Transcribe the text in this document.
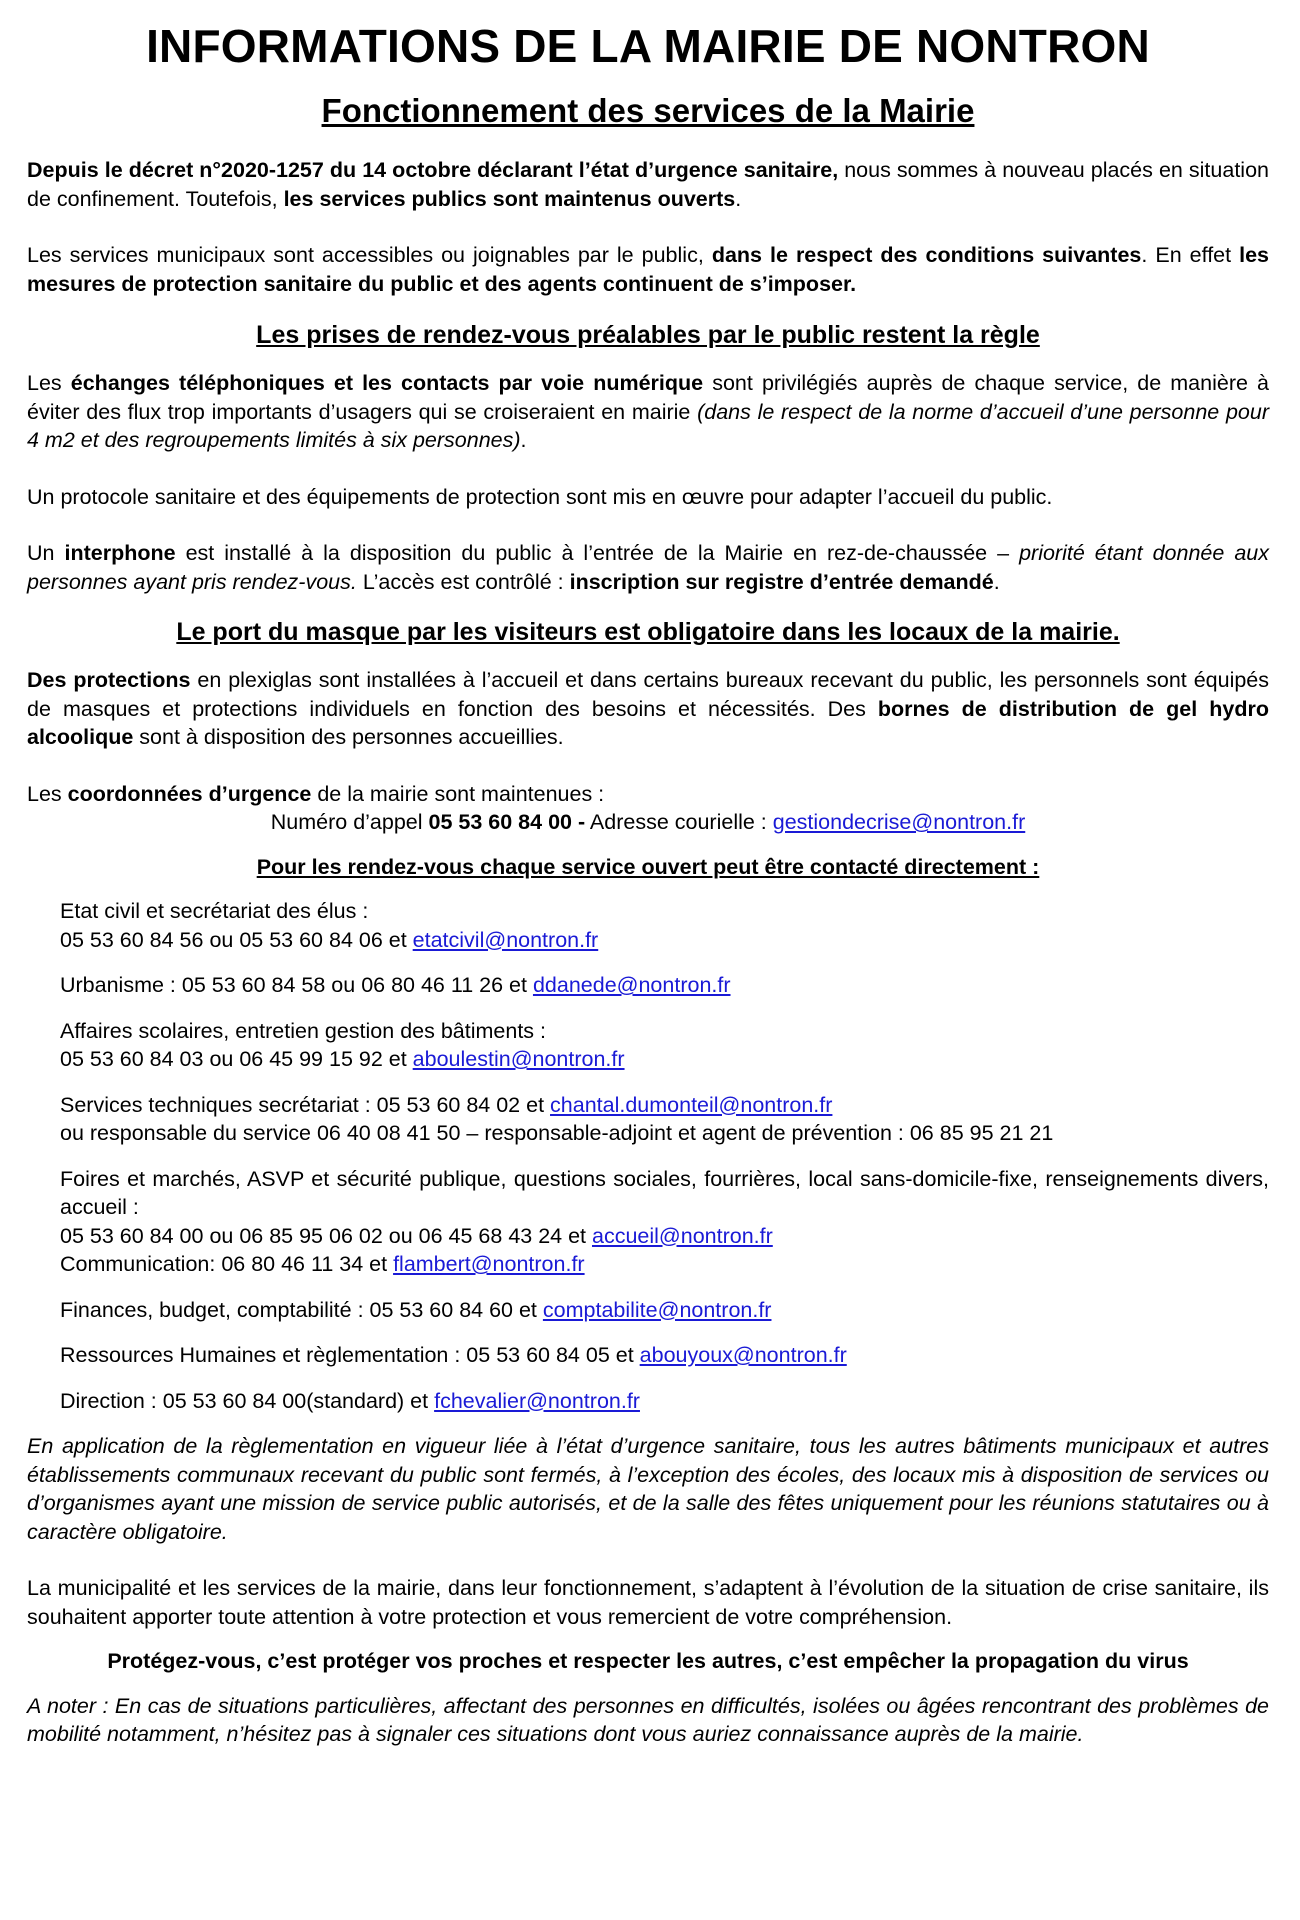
INFORMATIONS DE LA MAIRIE DE NONTRON
Fonctionnement des services de la Mairie

Depuis le décret n°2020-1257 du 14 octobre déclarant l’état d’urgence sanitaire, nous sommes à nouveau placés en situation de confinement. Toutefois, les services publics sont maintenus ouverts.

Les services municipaux sont accessibles ou joignables par le public, dans le respect des conditions suivantes. En effet les mesures de protection sanitaire du public et des agents continuent de s’imposer.

Les prises de rendez-vous préalables par le public restent la règle

Les échanges téléphoniques et les contacts par voie numérique sont privilégiés auprès de chaque service, de manière à éviter des flux trop importants d’usagers qui se croiseraient en mairie (dans le respect de la norme d’accueil d’une personne pour 4 m2 et des regroupements limités à six personnes).

Un protocole sanitaire et des équipements de protection sont mis en œuvre pour adapter l’accueil du public.

Un interphone est installé à la disposition du public à l’entrée de la Mairie en rez-de-chaussée – priorité étant donnée aux personnes ayant pris rendez-vous. L’accès est contrôlé : inscription sur registre d’entrée demandé.

Le port du masque par les visiteurs est obligatoire dans les locaux de la mairie.

Des protections en plexiglas sont installées à l’accueil et dans certains bureaux recevant du public, les personnels sont équipés de masques et protections individuels en fonction des besoins et nécessités. Des bornes de distribution de gel hydro alcoolique sont à disposition des personnes accueillies.

Les coordonnées d’urgence de la mairie sont maintenues :

Numéro d’appel 05 53 60 84 00 - Adresse courielle : gestiondecrise@nontron.fr

Pour les rendez-vous chaque service ouvert peut être contacté directement :

Etat civil et secrétariat des élus :

05 53 60 84 56 ou 05 53 60 84 06 et etatcivil@nontron.fr

Urbanisme : 05 53 60 84 58 ou 06 80 46 11 26 et ddanede@nontron.fr

Affaires scolaires, entretien gestion des bâtiments :

05 53 60 84 03 ou 06 45 99 15 92 et aboulestin@nontron.fr

Services techniques secrétariat : 05 53 60 84 02 et chantal.dumonteil@nontron.fr

ou responsable du service 06 40 08 41 50 – responsable-adjoint et agent de prévention : 06 85 95 21 21

Foires et marchés, ASVP et sécurité publique, questions sociales, fourrières, local sans-domicile-fixe, renseignements divers, accueil :

05 53 60 84 00 ou 06 85 95 06 02 ou 06 45 68 43 24 et accueil@nontron.fr

Communication: 06 80 46 11 34 et flambert@nontron.fr

Finances, budget, comptabilité : 05 53 60 84 60 et comptabilite@nontron.fr

Ressources Humaines et règlementation : 05 53 60 84 05 et abouyoux@nontron.fr

Direction : 05 53 60 84 00(standard) et fchevalier@nontron.fr

En application de la règlementation en vigueur liée à l’état d’urgence sanitaire, tous les autres bâtiments municipaux et autres établissements communaux recevant du public sont fermés, à l’exception des écoles, des locaux mis à disposition de services ou d’organismes ayant une mission de service public autorisés, et de la salle des fêtes uniquement pour les réunions statutaires ou à caractère obligatoire.

La municipalité et les services de la mairie, dans leur fonctionnement, s’adaptent à l’évolution de la situation de crise sanitaire, ils souhaitent apporter toute attention à votre protection et vous remercient de votre compréhension.

Protégez-vous, c’est protéger vos proches et respecter les autres, c’est empêcher la propagation du virus

A noter : En cas de situations particulières, affectant des personnes en difficultés, isolées ou âgées rencontrant des problèmes de mobilité notamment, n’hésitez pas à signaler ces situations dont vous auriez connaissance auprès de la mairie.
